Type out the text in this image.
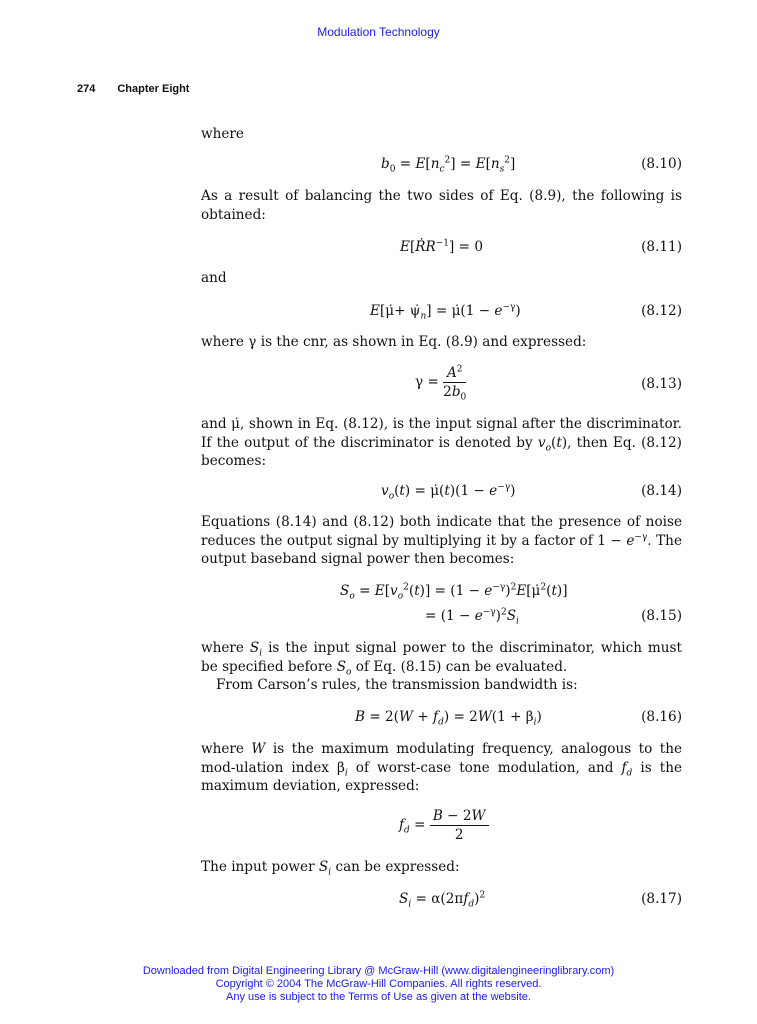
Modulation Technology
274 Chapter Eight
where
$b_0 = E[n_c^2] = E[n_s^2]$	(8.10)
As a result of balancing the two sides of Eq. (8.9), the following is obtained:
E[ṘR$^{-1}$] = 0	(8.11)
and
E[μ̇+ $\psi̇_n$] = μ̇(1 − $e^{-\gamma}$)	(8.12)
where γ is the cnr, as shown in Eq. (8.9) and expressed:
$\gamma = \frac{A^2}{2b_0}$	(8.13)
and μ̇, shown in Eq. (8.12), is the input signal after the discriminator. If the output of the discriminator is denoted by $v_o(t)$, then Eq. (8.12) becomes:
$v_o(t)$ = μ̇(t)(1 − $e^{-\gamma}$)	(8.14)
Equations (8.14) and (8.12) both indicate that the presence of noise reduces the output signal by multiplying it by a factor of $1 - e^{-\gamma}$. The output baseband signal power then becomes:
$S_o = E[v_o^2(t)] = (1$ − $e^{-\gamma})^2E[\mu̇^2(t)]$
= $(1 - e^{-\gamma})^2S_i$	(8.15)
where $S_i$ is the input signal power to the discriminator, which must be specified before $S_o$ of Eq. (8.15) can be evaluated.
From Carson’s rules, the transmission bandwidth is:
$B = 2(W + f_d) = 2W(1 + \beta_i)$	(8.16)
where W is the maximum modulating frequency, analogous to the mod-ulation index $\beta_i$ of worst-case tone modulation, and $f_d$ is the maximum deviation, expressed:
$f_d = \frac{B - 2W}{2}$
The input power $S_i$ can be expressed:
$S_i = \alpha(2\pi f_d)^2$	(8.17)
Downloaded from Digital Engineering Library @ McGraw-Hill (www.digitalengineeringlibrary.com)
Copyright © 2004 The McGraw-Hill Companies. All rights reserved.
Any use is subject to the Terms of Use as given at the website.
